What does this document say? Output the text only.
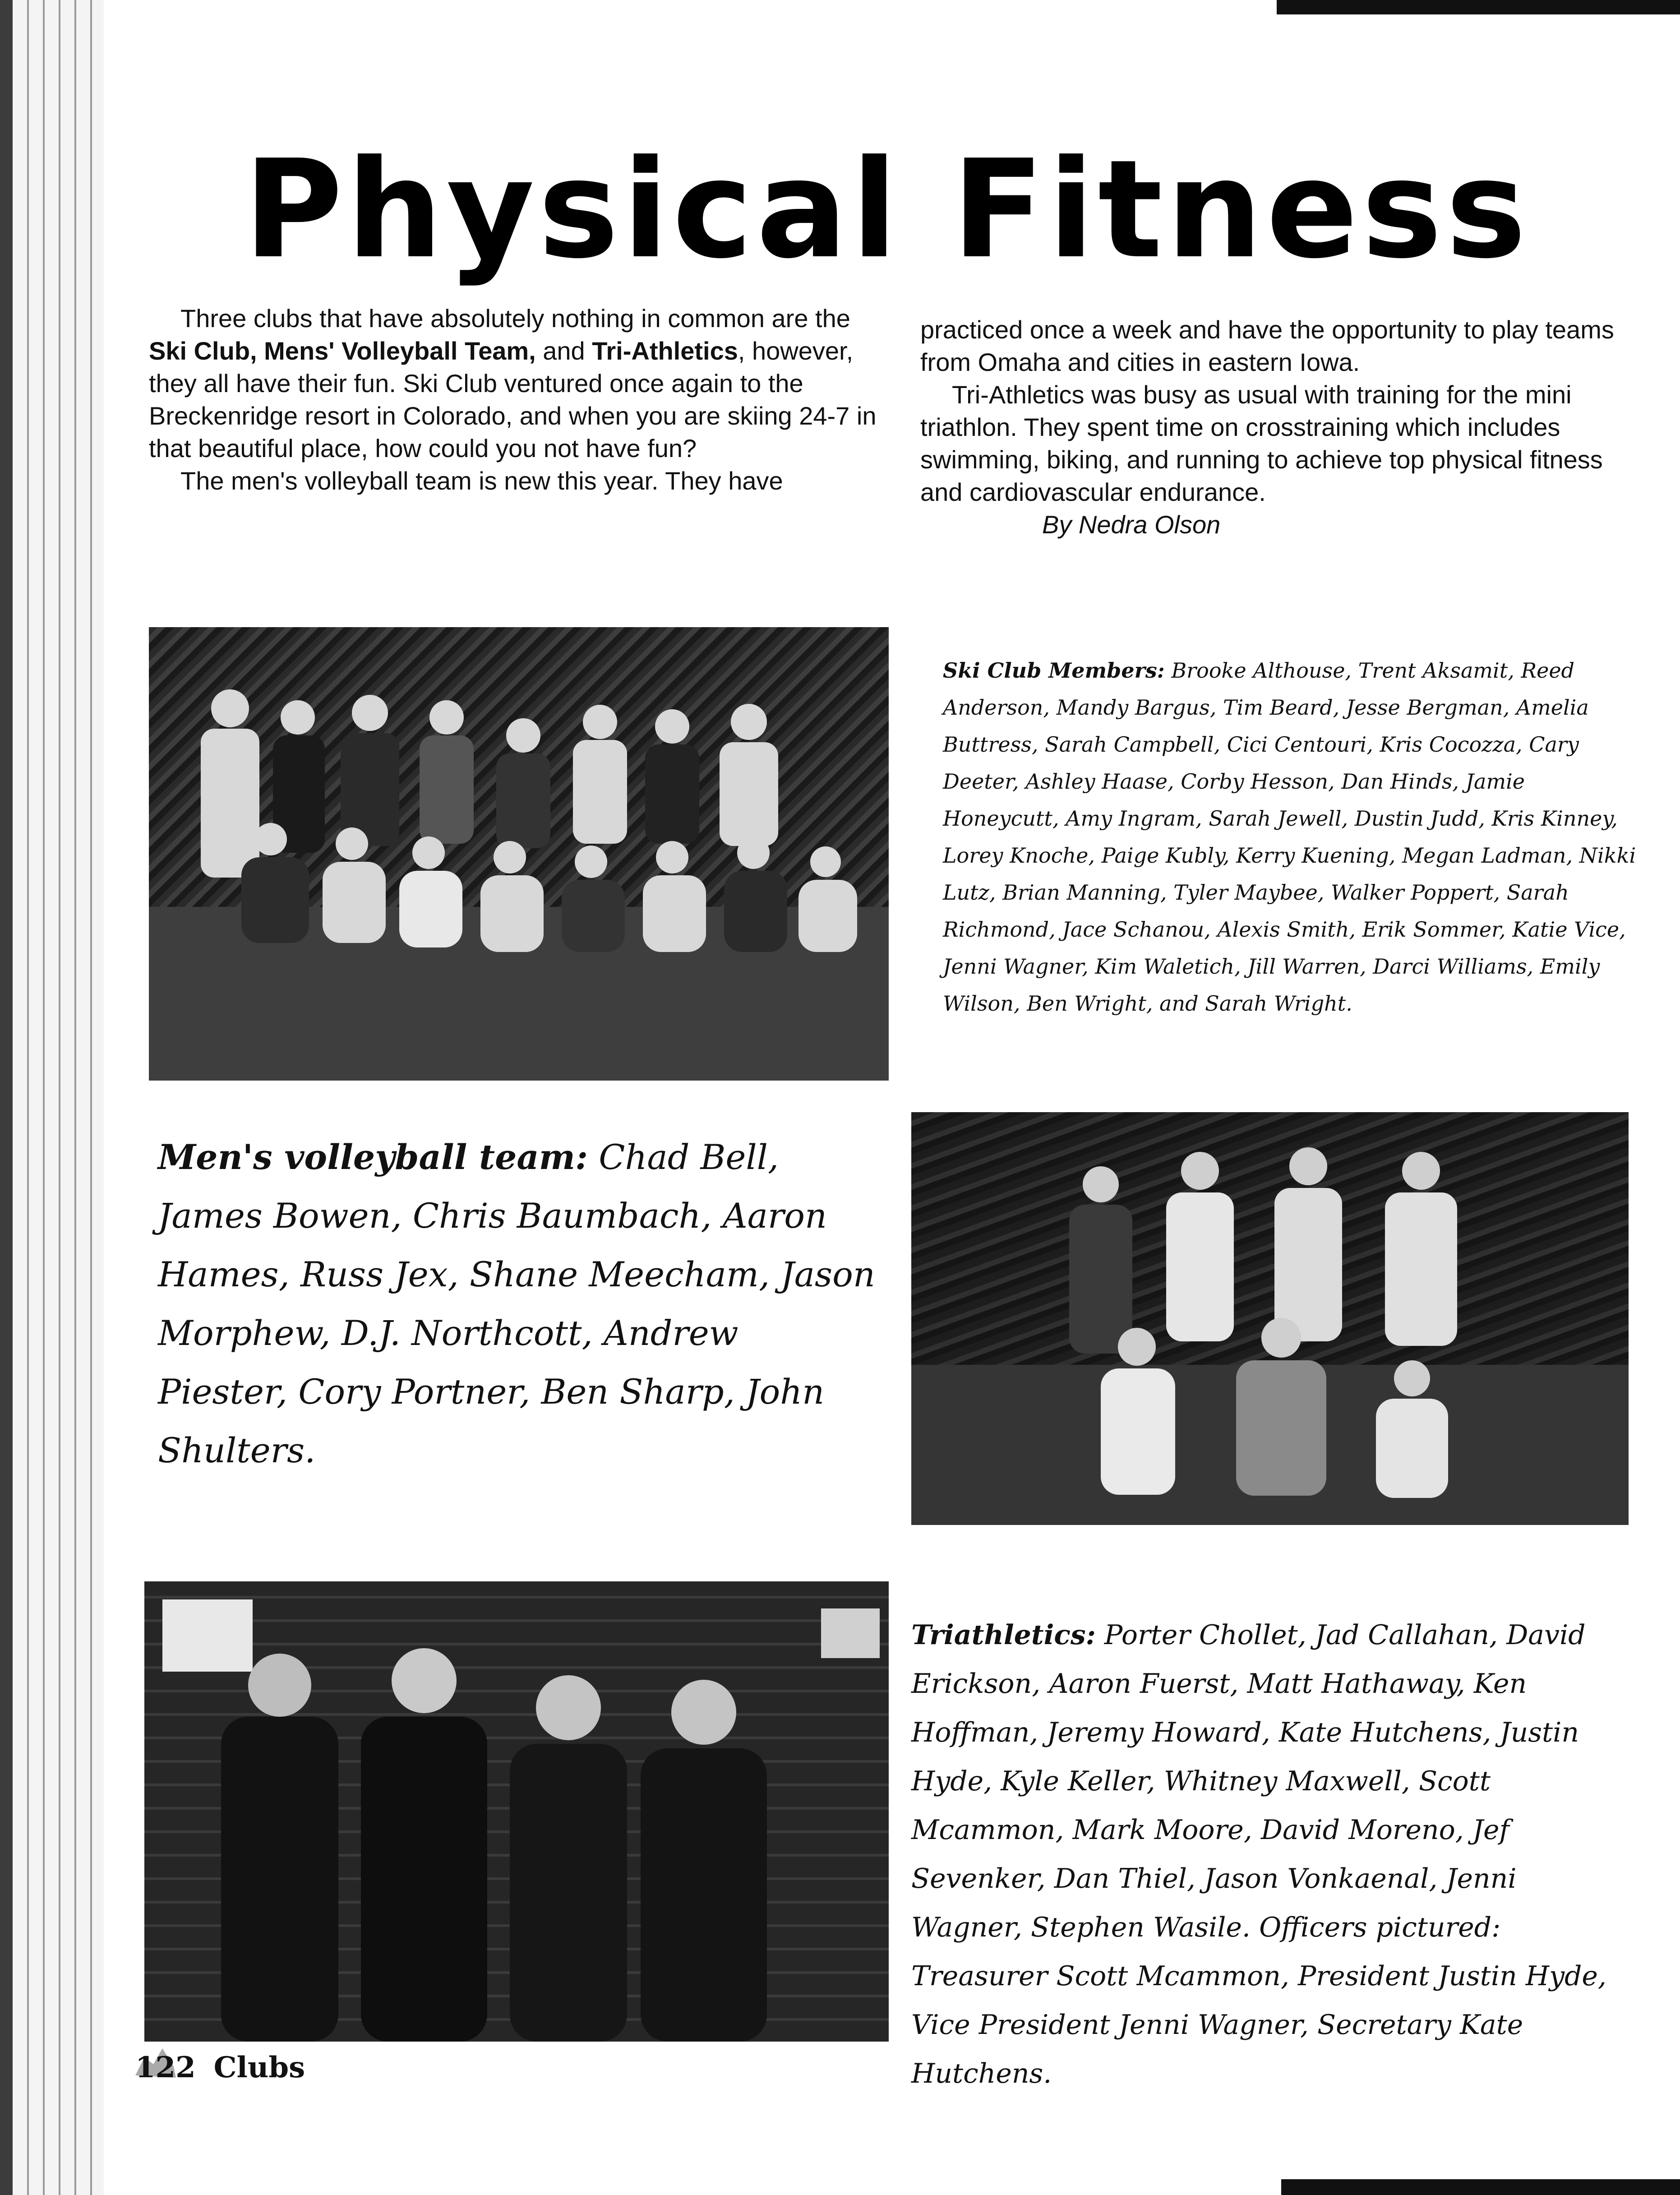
Physical Fitness

Three clubs that have absolutely nothing in common are the Ski Club, Mens' Volleyball Team, and Tri-Athletics, however, they all have their fun. Ski Club ventured once again to the Breckenridge resort in Colorado, and when you are skiing 24-7 in that beautiful place, how could you not have fun?

The men's volleyball team is new this year. They have

practiced once a week and have the opportunity to play teams from Omaha and cities in eastern Iowa.

Tri-Athletics was busy as usual with training for the mini triathlon. They spent time on crosstraining which includes swimming, biking, and running to achieve top physical fitness and cardiovascular endurance.

By Nedra Olson

Ski Club Members: Brooke Althouse, Trent Aksamit, Reed Anderson, Mandy Bargus, Tim Beard, Jesse Bergman, Amelia Buttress, Sarah Campbell, Cici Centouri, Kris Cocozza, Cary Deeter, Ashley Haase, Corby Hesson, Dan Hinds, Jamie Honeycutt, Amy Ingram, Sarah Jewell, Dustin Judd, Kris Kinney, Lorey Knoche, Paige Kubly, Kerry Kuening, Megan Ladman, Nikki Lutz, Brian Manning, Tyler Maybee, Walker Poppert, Sarah Richmond, Jace Schanou, Alexis Smith, Erik Sommer, Katie Vice, Jenni Wagner, Kim Waletich, Jill Warren, Darci Williams, Emily Wilson, Ben Wright, and Sarah Wright.
Men's volleyball team: Chad Bell, James Bowen, Chris Baumbach, Aaron Hames, Russ Jex, Shane Meecham, Jason Morphew, D.J. Northcott, Andrew Piester, Cory Portner, Ben Sharp, John Shulters.
Triathletics: Porter Chollet, Jad Callahan, David Erickson, Aaron Fuerst, Matt Hathaway, Ken Hoffman, Jeremy Howard, Kate Hutchens, Justin Hyde, Kyle Keller, Whitney Maxwell, Scott Mcammon, Mark Moore, David Moreno, Jef Sevenker, Dan Thiel, Jason Vonkaenal, Jenni Wagner, Stephen Wasile. Officers pictured: Treasurer Scott Mcammon, President Justin Hyde, Vice President Jenni Wagner, Secretary Kate Hutchens.
122 Clubs
